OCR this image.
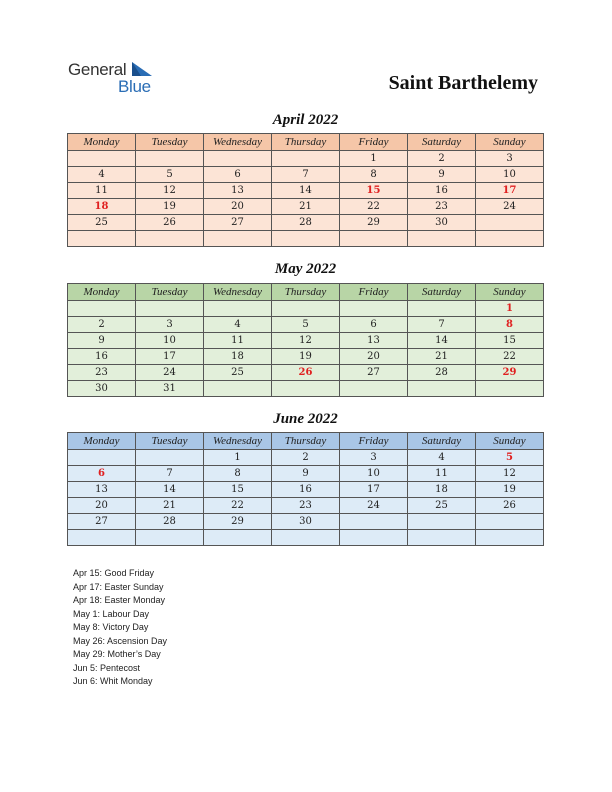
General
Blue	Saint Barthelemy
April 2022
Monday	Tuesday	Wednesday	Thursday	Friday	Saturday	Sunday
				1	2	3
4	5	6	7	8	9	10
11	12	13	14	15	16	17
18	19	20	21	22	23	24
25	26	27	28	29	30	

May 2022
Monday	Tuesday	Wednesday	Thursday	Friday	Saturday	Sunday
						1
2	3	4	5	6	7	8
9	10	11	12	13	14	15
16	17	18	19	20	21	22
23	24	25	26	27	28	29
30	31					
June 2022
Monday	Tuesday	Wednesday	Thursday	Friday	Saturday	Sunday
		1	2	3	4	5
6	7	8	9	10	11	12
13	14	15	16	17	18	19
20	21	22	23	24	25	26
27	28	29	30			

Apr 15: Good Friday
Apr 17: Easter Sunday
Apr 18: Easter Monday
May 1: Labour Day
May 8: Victory Day
May 26: Ascension Day
May 29: Mother’s Day
Jun 5: Pentecost
Jun 6: Whit Monday
